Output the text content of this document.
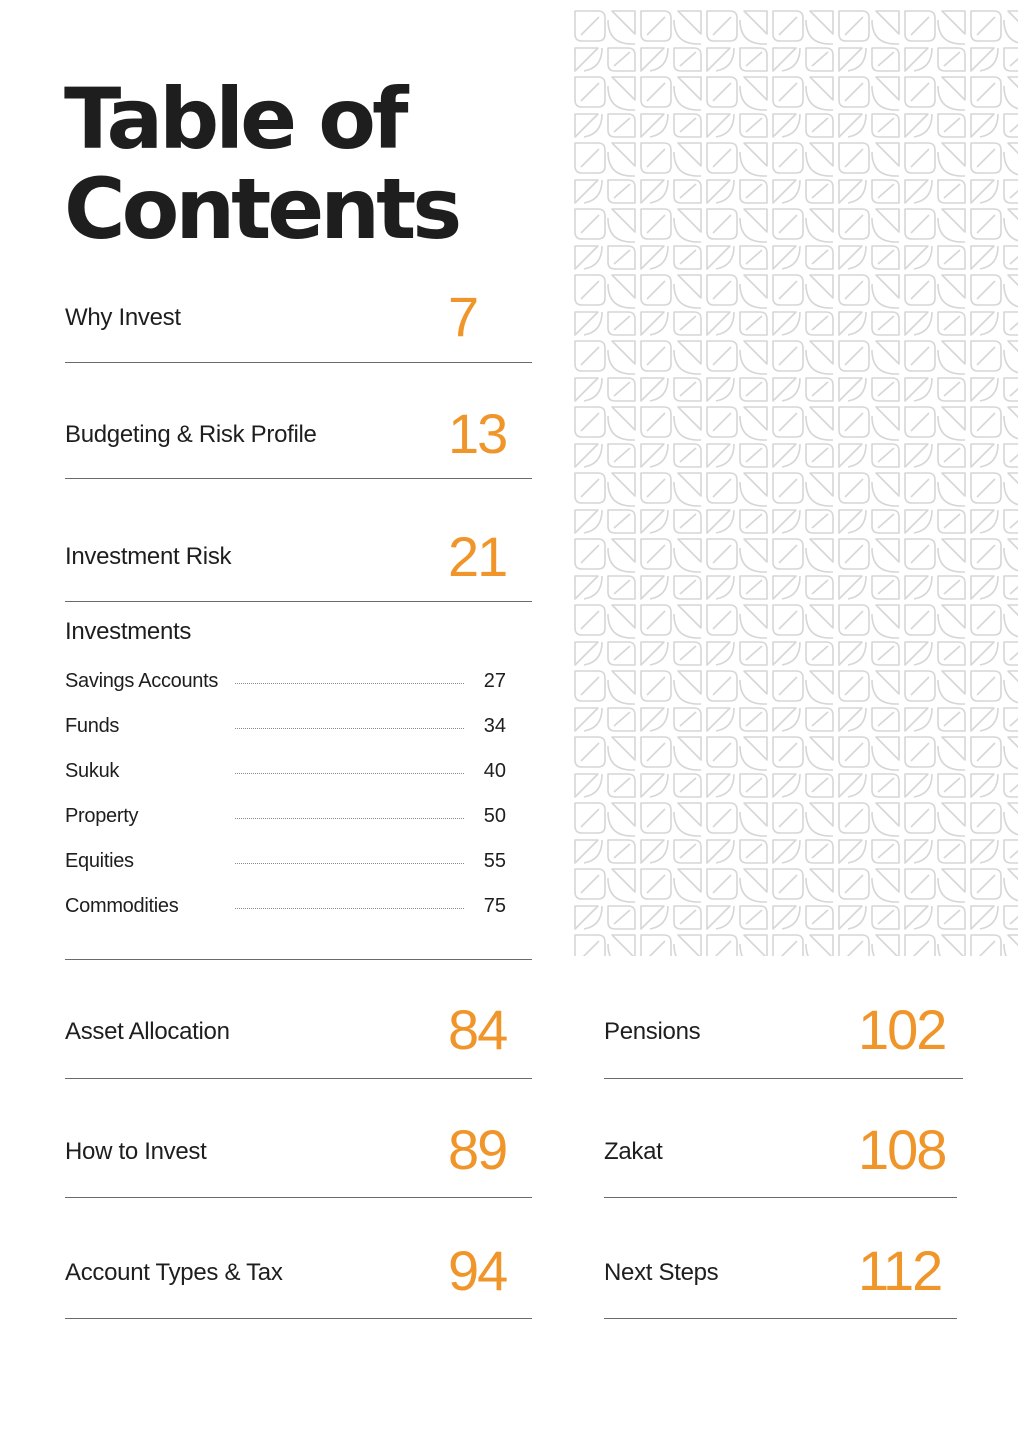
Table of
Contents
Why Invest	7
Budgeting & Risk Profile 13
Investment Risk	21
Investments
Savings Accounts	27
Funds	34
Sukuk	40
Property	50
Equities	55
Commodities	75
Asset Allocation	84
How to Invest	89
Account Types & Tax	94
Pensions	102
Zakat	108
Next Steps 112
